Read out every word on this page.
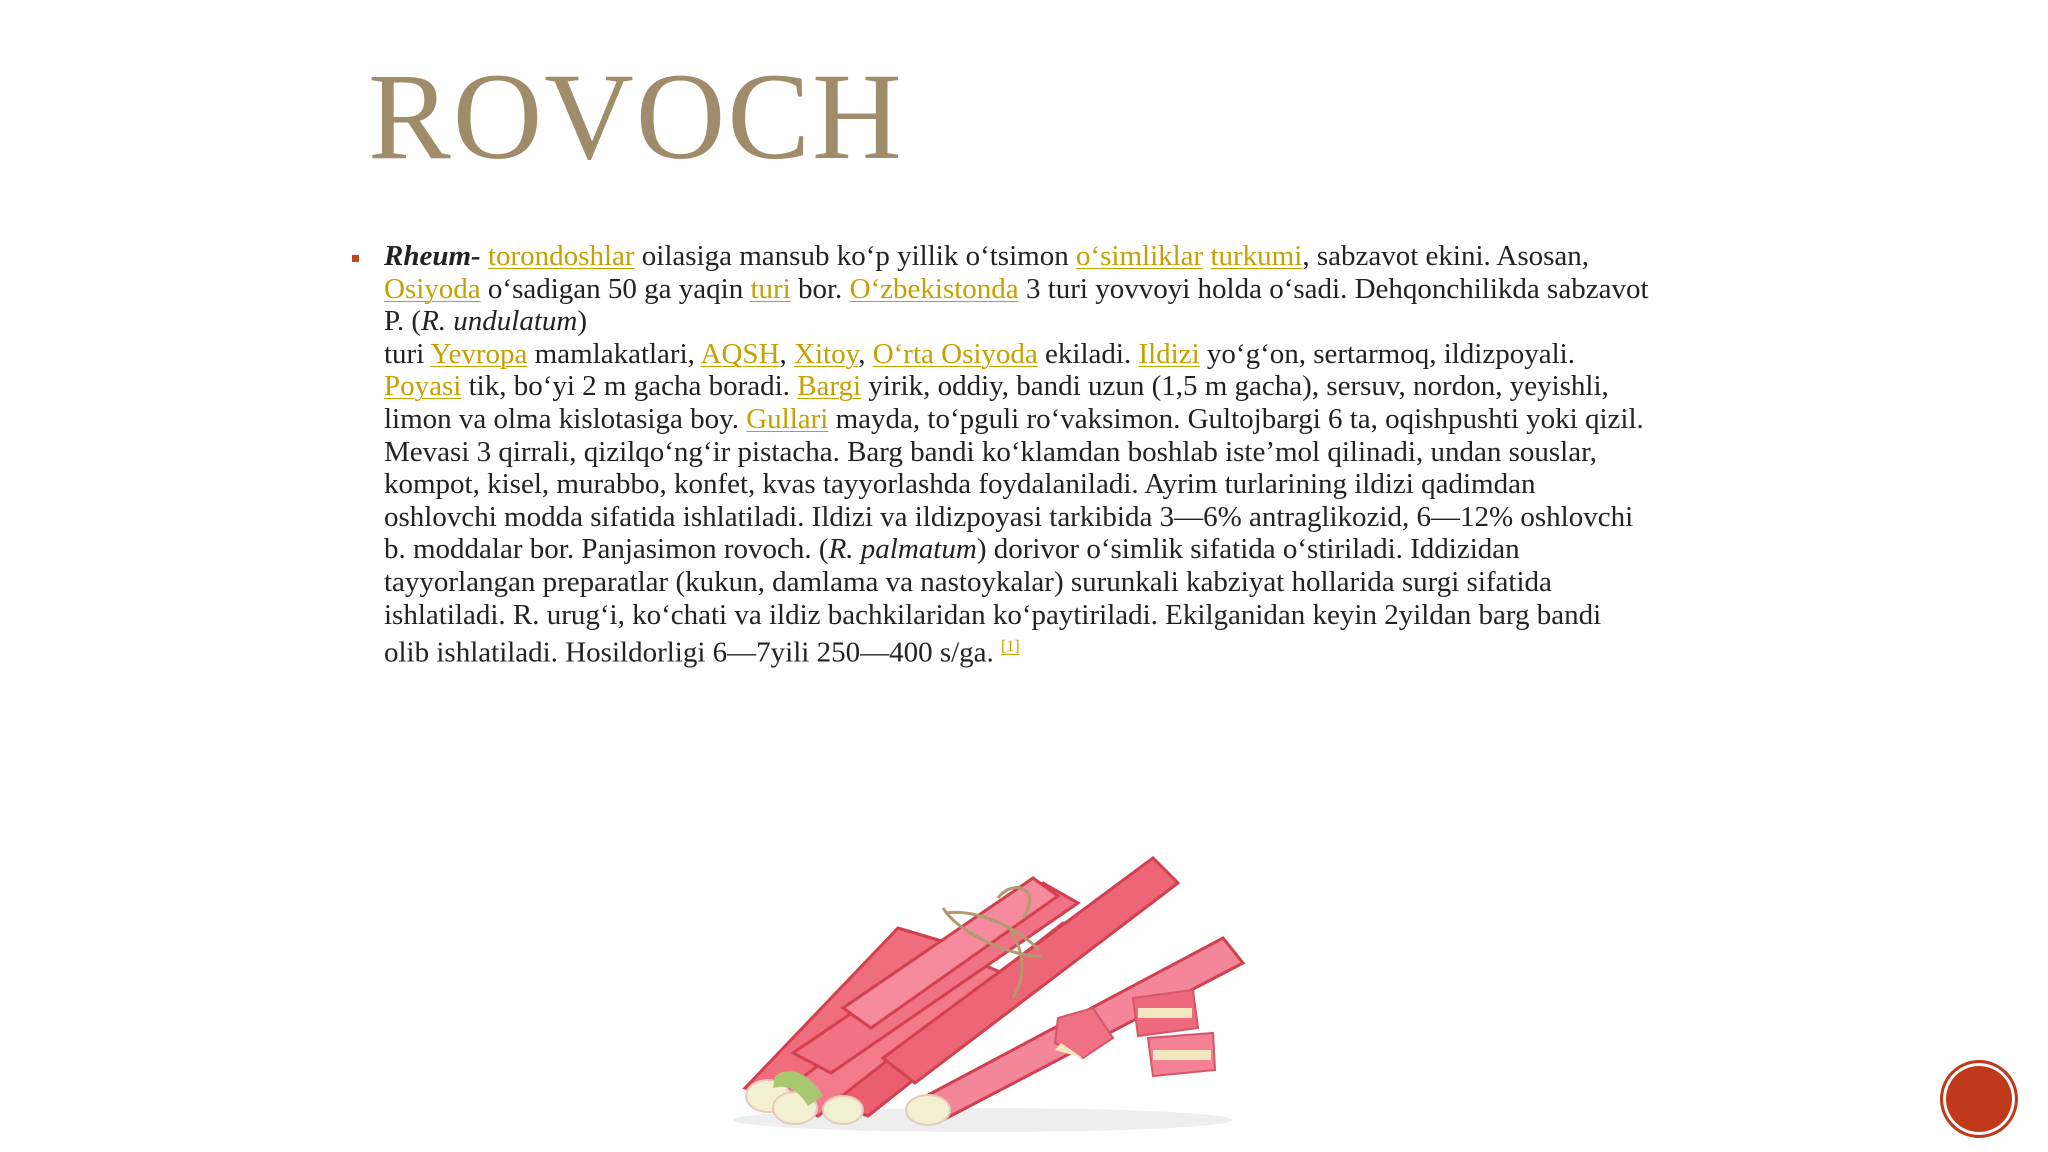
ROVOCH
Rheum- torondoshlar oilasiga mansub ko‘p yillik o‘tsimon o‘simliklar turkumi, sabzavot ekini. Asosan, Osiyoda o‘sadigan 50 ga yaqin turi bor. O‘zbekistonda 3 turi yovvoyi holda o‘sadi. Dehqonchilikda sabzavot P. (R. undulatum)
turi Yevropa mamlakatlari, AQSH, Xitoy, O‘rta Osiyoda ekiladi. Ildizi yo‘g‘on, sertarmoq, ildizpoyali. Poyasi tik, bo‘yi 2 m gacha boradi. Bargi yirik, oddiy, bandi uzun (1,5 m gacha), sersuv, nordon, yeyishli, limon va olma kislotasiga boy. Gullari mayda, to‘pguli ro‘vaksimon. Gultojbargi 6 ta, oqishpushti yoki qizil. Mevasi 3 qirrali, qizilqo‘ng‘ir pistacha. Barg bandi ko‘klamdan boshlab iste’mol qilinadi, undan souslar, kompot, kisel, murabbo, konfet, kvas tayyorlashda foydalaniladi. Ayrim turlarining ildizi qadimdan oshlovchi modda sifatida ishlatiladi. Ildizi va ildizpoyasi tarkibida 3—6% antraglikozid, 6—12% oshlovchi b. moddalar bor. Panjasimon rovoch. (R. palmatum) dorivor o‘simlik sifatida o‘stiriladi. Iddizidan tayyorlangan preparatlar (kukun, damlama va nastoykalar) surunkali kabziyat hollarida surgi sifatida ishlatiladi. R. urug‘i, ko‘chati va ildiz bachkilaridan ko‘paytiriladi. Ekilganidan keyin 2yildan barg bandi olib ishlatiladi. Hosildorligi 6—7yili 250—400 s/ga. [1]
